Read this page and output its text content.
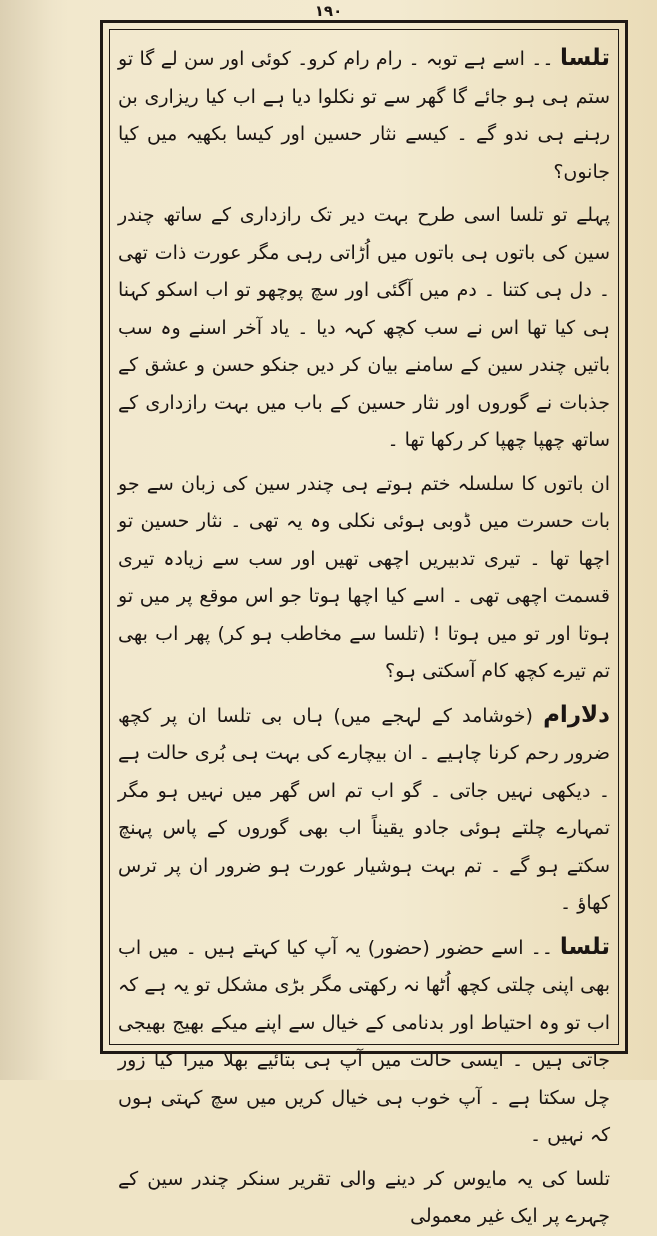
۱۹۰

تلسا ۔۔ اسے ہے توبہ ۔ رام رام کرو۔ کوئی اور سن لے گا تو ستم ہی ہو جائے گا گھر سے تو نکلوا دیا ہے اب کیا ریزاری بن رہنے ہی ندو گے ۔ کیسے نثار حسین اور کیسا بکھیہ میں کیا جانوں؟

پہلے تو تلسا اسی طرح بہت دیر تک رازداری کے ساتھ چندر سین کی باتوں ہی باتوں میں اُڑاتی رہی مگر عورت ذات تھی ۔ دل ہی کتنا ۔ دم میں آگئی اور سچ پوچھو تو اب اسکو کہنا ہی کیا تھا اس نے سب کچھ کہہ دیا ۔ یاد آخر اسنے وہ سب باتیں چندر سین کے سامنے بیان کر دیں جنکو حسن و عشق کے جذبات نے گوروں اور نثار حسین کے باب میں بہت رازداری کے ساتھ چھپا چھپا کر رکھا تھا ۔

ان باتوں کا سلسلہ ختم ہوتے ہی چندر سین کی زبان سے جو بات حسرت میں ڈوبی ہوئی نکلی وہ یہ تھی ۔ نثار حسین تو اچھا تھا ۔ تیری تدبیریں اچھی تھیں اور سب سے زیادہ تیری قسمت اچھی تھی ۔ اسے کیا اچھا ہوتا جو اس موقع پر میں تو ہوتا اور تو میں ہوتا ! (تلسا سے مخاطب ہو کر) پھر اب بھی تم تیرے کچھ کام آسکتی ہو؟

دلارام (خوشامد کے لہجے میں) ہاں بی تلسا ان پر کچھ ضرور رحم کرنا چاہیے ۔ ان بیچارے کی بہت ہی بُری حالت ہے ۔ دیکھی نہیں جاتی ۔ گو اب تم اس گھر میں نہیں ہو مگر تمہارے چلتے ہوئی جادو یقیناً اب بھی گوروں کے پاس پہنچ سکتے ہو گے ۔ تم بہت ہوشیار عورت ہو ضرور ان پر ترس کھاؤ ۔

تلسا ۔۔ اسے حضور (حضور) یہ آپ کیا کہتے ہیں ۔ میں اب بھی اپنی چلتی کچھ اُٹھا نہ رکھتی مگر بڑی مشکل تو یہ ہے کہ اب تو وہ احتیاط اور بدنامی کے خیال سے اپنے میکے بھیج بھیجی جاتی ہیں ۔ ایسی حالت میں آپ ہی بتائیے بھلا میرا کیا زور چل سکتا ہے ۔ آپ خوب ہی خیال کریں میں سچ کہتی ہوں کہ نہیں ۔

تلسا کی یہ مایوس کر دینے والی تقریر سنکر چندر سین کے چہرے پر ایک غیر معمولی
